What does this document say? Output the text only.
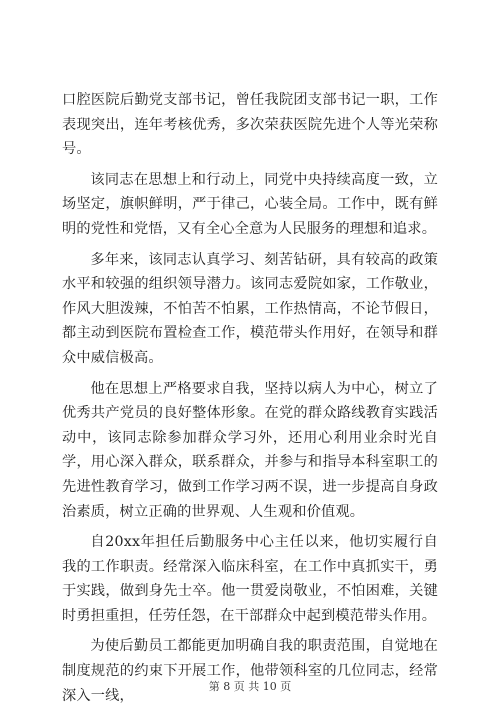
口腔医院后勤党支部书记，曾任我院团支部书记一职，工作表现突出，连年考核优秀，多次荣获医院先进个人等光荣称号。

该同志在思想上和行动上，同党中央持续高度一致，立场坚定，旗帜鲜明，严于律己，心装全局。工作中，既有鲜明的党性和党悟，又有全心全意为人民服务的理想和追求。

多年来，该同志认真学习、刻苦钻研，具有较高的政策水平和较强的组织领导潜力。该同志爱院如家，工作敬业，作风大胆泼辣，不怕苦不怕累，工作热情高，不论节假日，都主动到医院布置检查工作，模范带头作用好，在领导和群众中威信极高。

他在思想上严格要求自我，坚持以病人为中心，树立了优秀共产党员的良好整体形象。在党的群众路线教育实践活动中，该同志除参加群众学习外，还用心利用业余时光自学，用心深入群众，联系群众，并参与和指导本科室职工的先进性教育学习，做到工作学习两不误，进一步提高自身政治素质，树立正确的世界观、人生观和价值观。

自20xx年担任后勤服务中心主任以来，他切实履行自我的工作职责。经常深入临床科室，在工作中真抓实干，勇于实践，做到身先士卒。他一贯爱岗敬业，不怕困难，关键时勇担重担，任劳任怨，在干部群众中起到模范带头作用。

为使后勤员工都能更加明确自我的职责范围，自觉地在制度规范的约束下开展工作，他带领科室的几位同志，经常深入一线，

第 8 页 共 10 页
